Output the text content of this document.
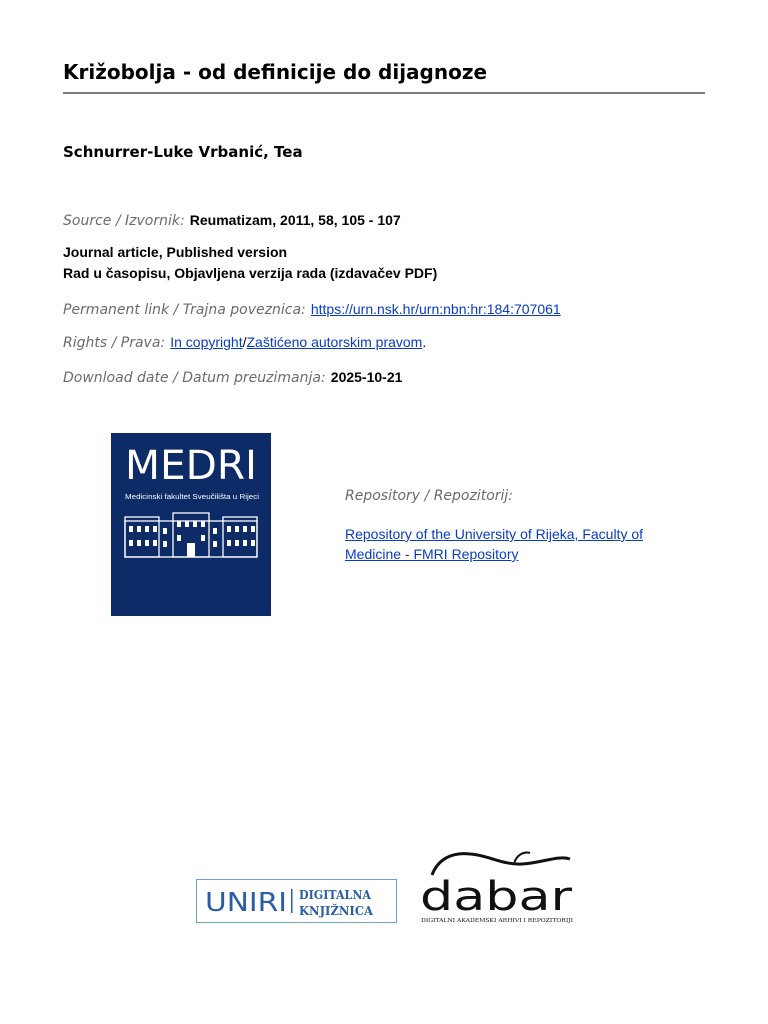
Križobolja - od definicije do dijagnoze
Schnurrer-Luke Vrbanić, Tea
Source / Izvornik: Reumatizam, 2011, 58, 105 - 107
Journal article, Published version
Rad u časopisu, Objavljena verzija rada (izdavačev PDF)
Permanent link / Trajna poveznica: https://urn.nsk.hr/urn:nbn:hr:184:707061
Rights / Prava: In copyright/Zaštićeno autorskim pravom.
Download date / Datum preuzimanja: 2025-10-21
MEDRI
Medicinski fakultet Sveučilišta u Rijeci	Repository / Repozitorij:
Repository of the University of Rijeka, Faculty of Medicine - FMRI Repository
UNIRI DIGITALNA
KNJIŽNICA dabar
DIGITALNI AKADEMSKI ARHIVI I REPOZITORIJI
